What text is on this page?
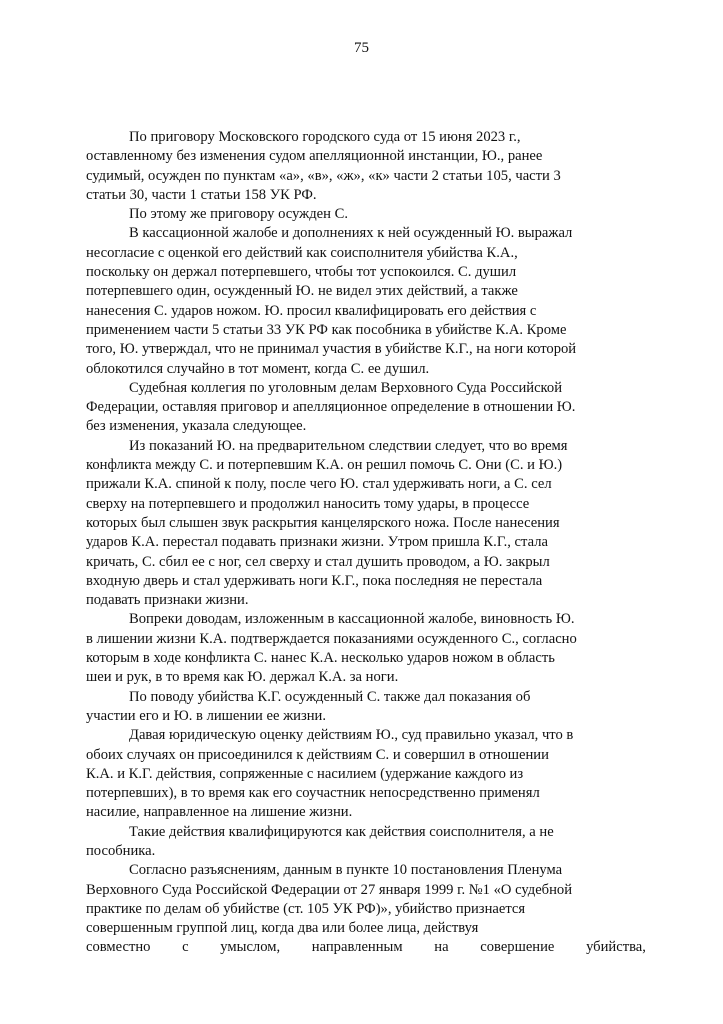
75

По приговору Московского городского суда от 15 июня 2023 г., оставленному без изменения судом апелляционной инстанции, Ю., ранее судимый, осужден по пунктам «а», «в», «ж», «к» части 2 статьи 105, части 3 статьи 30, части 1 статьи 158 УК РФ.

По этому же приговору осужден С.

В кассационной жалобе и дополнениях к ней осужденный Ю. выражал несогласие с оценкой его действий как соисполнителя убийства К.А., поскольку он держал потерпевшего, чтобы тот успокоился. С. душил потерпевшего один, осужденный Ю. не видел этих действий, а также нанесения С. ударов ножом. Ю. просил квалифицировать его действия с применением части 5 статьи 33 УК РФ как пособника в убийстве К.А. Кроме того, Ю. утверждал, что не принимал участия в убийстве К.Г., на ноги которой облокотился случайно в тот момент, когда С. ее душил.

Судебная коллегия по уголовным делам Верховного Суда Российской Федерации, оставляя приговор и апелляционное определение в отношении Ю. без изменения, указала следующее.

Из показаний Ю. на предварительном следствии следует, что во время конфликта между С. и потерпевшим К.А. он решил помочь С. Они (С. и Ю.) прижали К.А. спиной к полу, после чего Ю. стал удерживать ноги, а С. сел сверху на потерпевшего и продолжил наносить тому удары, в процессе которых был слышен звук раскрытия канцелярского ножа. После нанесения ударов К.А. перестал подавать признаки жизни. Утром пришла К.Г., стала кричать, С. сбил ее с ног, сел сверху и стал душить проводом, а Ю. закрыл входную дверь и стал удерживать ноги К.Г., пока последняя не перестала подавать признаки жизни.

Вопреки доводам, изложенным в кассационной жалобе, виновность Ю. в лишении жизни К.А. подтверждается показаниями осужденного С., согласно которым в ходе конфликта С. нанес К.А. несколько ударов ножом в область шеи и рук, в то время как Ю. держал К.А. за ноги.

По поводу убийства К.Г. осужденный С. также дал показания об участии его и Ю. в лишении ее жизни.

Давая юридическую оценку действиям Ю., суд правильно указал, что в обоих случаях он присоединился к действиям С. и совершил в отношении К.А. и К.Г. действия, сопряженные с насилием (удержание каждого из потерпевших), в то время как его соучастник непосредственно применял насилие, направленное на лишение жизни.

Такие действия квалифицируются как действия соисполнителя, а не пособника.

Согласно разъяснениям, данным в пункте 10 постановления Пленума Верховного Суда Российской Федерации от 27 января 1999 г. №1 «О судебной практике по делам об убийстве (ст. 105 УК РФ)», убийство признается совершенным группой лиц, когда два или более лица, действуя

совместно с умыслом, направленным на совершение убийства,
